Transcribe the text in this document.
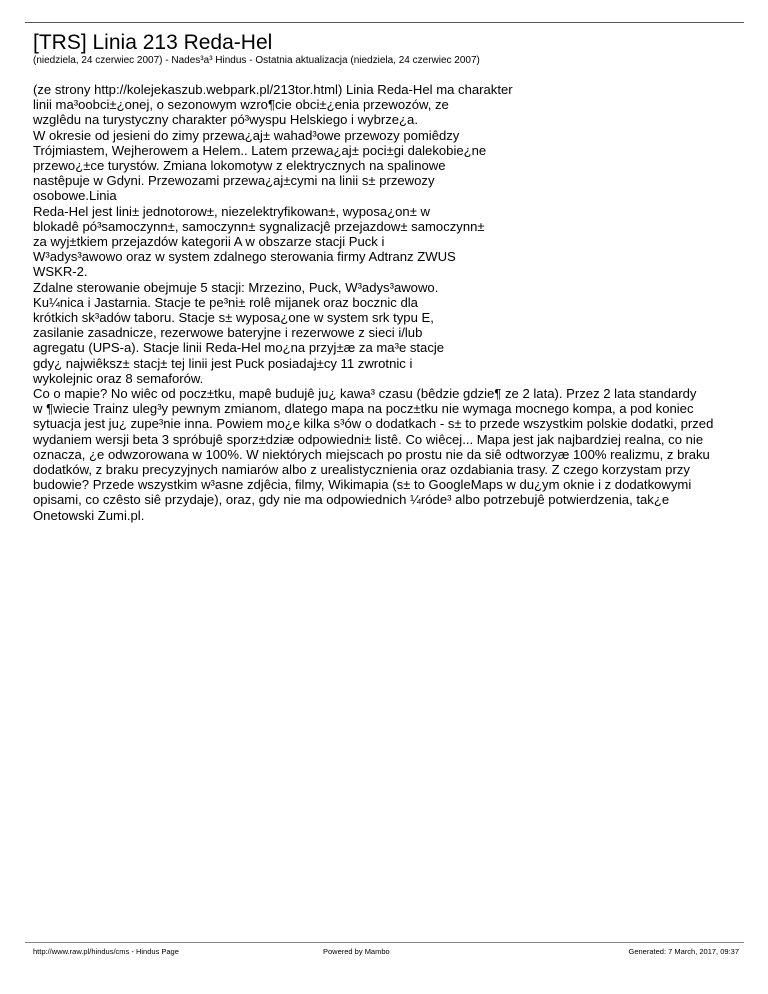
[TRS] Linia 213 Reda-Hel
(niedziela, 24 czerwiec 2007) - Nades³a³ Hindus - Ostatnia aktualizacja (niedziela, 24 czerwiec 2007)
(ze strony http://kolejekaszub.webpark.pl/213tor.html) Linia Reda-Hel ma charakter
linii ma³oobci±¿onej, o sezonowym wzro¶cie obci±¿enia przewozów, ze
wzglêdu na turystyczny charakter pó³wyspu Helskiego i wybrze¿a.
W okresie od jesieni do zimy przewa¿aj± wahad³owe przewozy pomiêdzy
Trójmiastem, Wejherowem a Helem.. Latem przewa¿aj± poci±gi dalekobie¿ne
przewo¿±ce turystów. Zmiana lokomotyw z elektrycznych na spalinowe
nastêpuje w Gdyni. Przewozami przewa¿aj±cymi na linii s± przewozy
osobowe.Linia
Reda-Hel jest lini± jednotorow±, niezelektryfikowan±, wyposa¿on± w
blokadê pó³samoczynn±, samoczynn± sygnalizacjê przejazdow± samoczynn±
za wyj±tkiem przejazdów kategorii A w obszarze stacji Puck i
W³adys³awowo oraz w system zdalnego sterowania firmy Adtranz ZWUS
WSKR-2.
Zdalne sterowanie obejmuje 5 stacji: Mrzezino, Puck, W³adys³awowo.
Ku¼nica i Jastarnia. Stacje te pe³ni± rolê mijanek oraz bocznic dla
krótkich sk³adów taboru. Stacje s± wyposa¿one w system srk typu E,
zasilanie zasadnicze, rezerwowe bateryjne i rezerwowe z sieci i/lub
agregatu (UPS-a). Stacje linii Reda-Hel mo¿na przyj±æ za ma³e stacje
gdy¿ najwiêksz± stacj± tej linii jest Puck posiadaj±cy 11 zwrotnic i
wykolejnic oraz 8 semaforów.
Co o mapie? No wiêc od pocz±tku, mapê budujê ju¿ kawa³ czasu (bêdzie gdzie¶ ze 2 lata). Przez 2 lata standardy
w ¶wiecie Trainz uleg³y pewnym zmianom, dlatego mapa na pocz±tku nie wymaga mocnego kompa, a pod koniec
sytuacja jest ju¿ zupe³nie inna. Powiem mo¿e kilka s³ów o dodatkach - s± to przede wszystkim polskie dodatki, przed
wydaniem wersji beta 3 spróbujê sporz±dziæ odpowiedni± listê. Co wiêcej... Mapa jest jak najbardziej realna, co nie
oznacza, ¿e odwzorowana w 100%. W niektórych miejscach po prostu nie da siê odtworzyæ 100% realizmu, z braku
dodatków, z braku precyzyjnych namiarów albo z urealistycznienia oraz ozdabiania trasy. Z czego korzystam przy
budowie? Przede wszystkim w³asne zdjêcia, filmy, Wikimapia (s± to GoogleMaps w du¿ym oknie i z dodatkowymi
opisami, co czêsto siê przydaje), oraz, gdy nie ma odpowiednich ¼róde³ albo potrzebujê potwierdzenia, tak¿e
Onetowski Zumi.pl.
http://www.raw.pl/hindus/cms - Hindus Page	Powered by Mambo	Generated: 7 March, 2017, 09:37
